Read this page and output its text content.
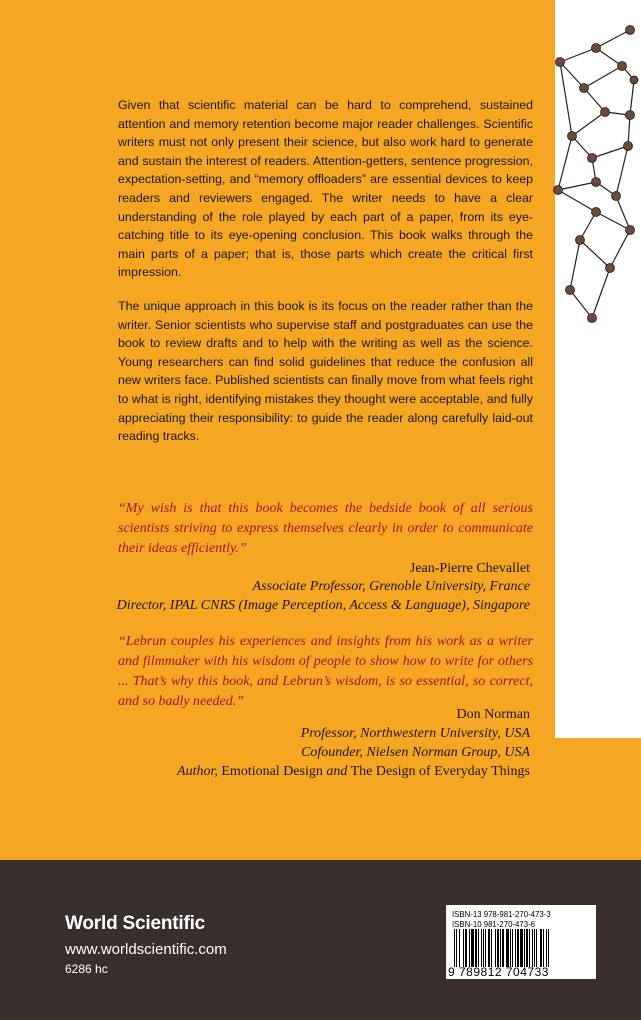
Given that scientific material can be hard to comprehend, sustained attention and memory retention become major reader challenges. Scientific writers must not only present their science, but also work hard to generate and sustain the interest of readers. Attention-getters, sentence progression, expectation-setting, and “memory offloaders” are essential devices to keep readers and reviewers engaged. The writer needs to have a clear understanding of the role played by each part of a paper, from its eye-catching title to its eye-opening conclusion. This book walks through the main parts of a paper; that is, those parts which create the critical first impression.

The unique approach in this book is its focus on the reader rather than the writer. Senior scientists who supervise staff and postgraduates can use the book to review drafts and to help with the writing as well as the science. Young researchers can find solid guidelines that reduce the confusion all new writers face. Published scientists can finally move from what feels right to what is right, identifying mistakes they thought were acceptable, and fully appreciating their responsibility: to guide the reader along carefully laid-out reading tracks.

“My wish is that this book becomes the bedside book of all serious scientists striving to express themselves clearly in order to communicate their ideas efficiently.”

Jean-Pierre Chevallet

Associate Professor, Grenoble University, France

Director, IPAL CNRS (Image Perception, Access & Language), Singapore

“Lebrun couples his experiences and insights from his work as a writer and filmmaker with his wisdom of people to show how to write for others ... That’s why this book, and Lebrun’s wisdom, is so essential, so correct, and so badly needed.”

Don Norman

Professor, Northwestern University, USA

Cofounder, Nielsen Norman Group, USA

Author, Emotional Design and The Design of Everyday Things

World Scientific

www.worldscientific.com

6286 hc

ISBN-13 978-981-270-473-3

ISBN-10 981-270-473-6

9 789812 704733
